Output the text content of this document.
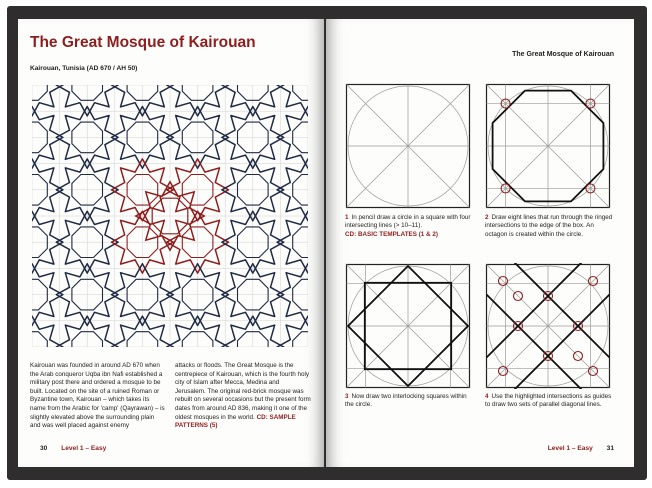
The Great Mosque of Kairouan
Kairouan, Tunisia (AD 670 / AH 50)
Kairouan was founded in around AD 670 when the Arab conqueror Uqba ibn Nafi established a military post there and ordered a mosque to be built. Located on the site of a ruined Roman or Byzantine town, Kairouan – which takes its name from the Arabic for 'camp' (Qayrawan) – is slightly elevated above the surrounding plain and was well placed against enemy
attacks or floods. The Great Mosque is the centrepiece of Kairouan, which is the fourth holy city of Islam after Mecca, Medina and Jerusalem. The original red-brick mosque was rebuilt on several occasions but the present form dates from around AD 836, making it one of the oldest mosques in the world. CD: SAMPLE PATTERNS (5)
30 Level 1 – Easy
The Great Mosque of Kairouan
1 In pencil draw a circle in a square with four intersecting lines (> 10–11).
CD: BASIC TEMPLATES (1 & 2)
2 Draw eight lines that run through the ringed intersections to the edge of the box. An octagon is created within the circle.
3 Now draw two interlocking squares within the circle.
4 Use the highlighted intersections as guides to draw two sets of parallel diagonal lines.
Level 1 – Easy 31
